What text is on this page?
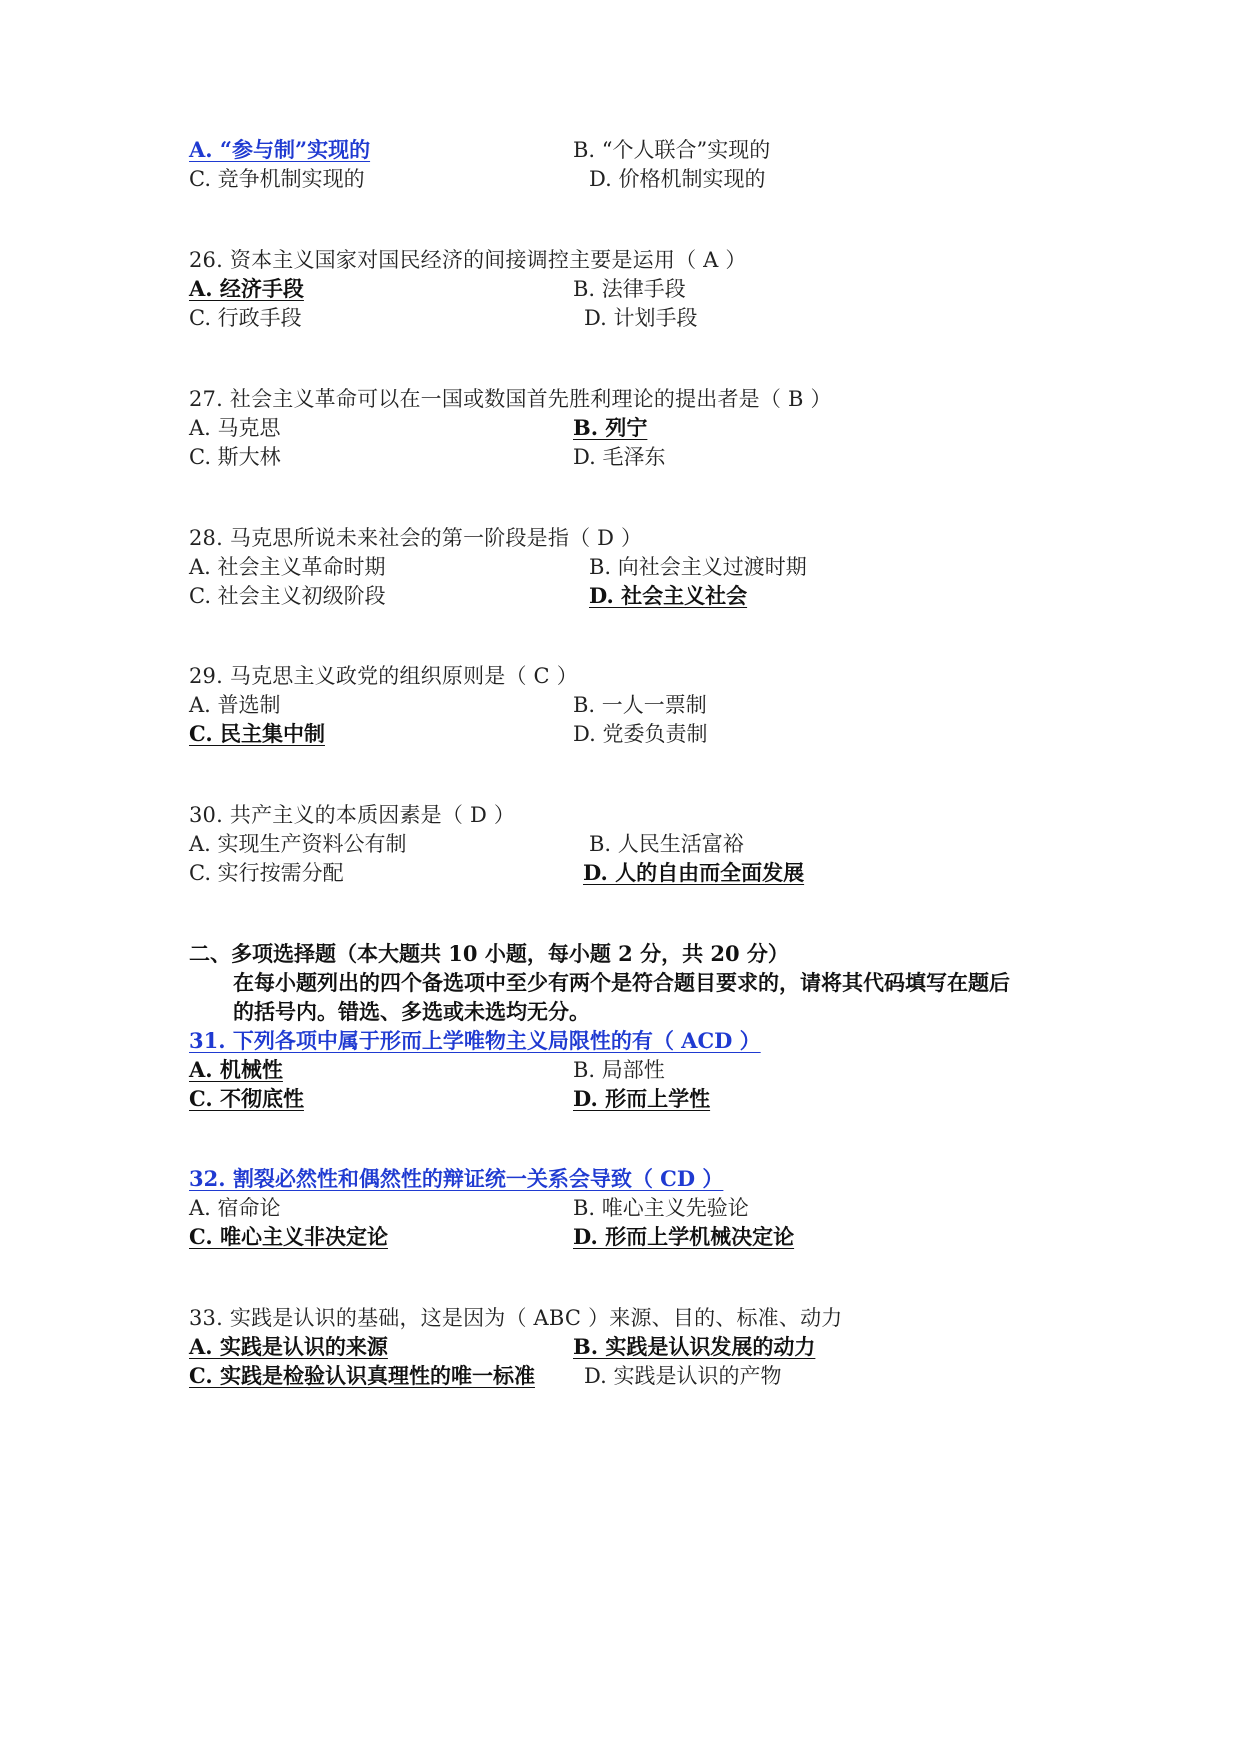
A. “参与制”实现的	B. “个人联合”实现的
C. 竞争机制实现的	D. 价格机制实现的
26. 资本主义国家对国民经济的间接调控主要是运用（ A ）
A. 经济手段	B. 法律手段
C. 行政手段	D. 计划手段
27. 社会主义革命可以在一国或数国首先胜利理论的提出者是（ B ）
A. 马克思	B. 列宁
C. 斯大林	D. 毛泽东
28. 马克思所说未来社会的第一阶段是指（ D ）
A. 社会主义革命时期	B. 向社会主义过渡时期
C. 社会主义初级阶段	D. 社会主义社会
29. 马克思主义政党的组织原则是（ C ）
A. 普选制	B. 一人一票制
C. 民主集中制	D. 党委负责制
30. 共产主义的本质因素是（ D ）
A. 实现生产资料公有制	B. 人民生活富裕
C. 实行按需分配	D. 人的自由而全面发展
二、多项选择题（本大题共 10 小题，每小题 2 分，共 20 分）
在每小题列出的四个备选项中至少有两个是符合题目要求的，请将其代码填写在题后
的括号内。错选、多选或未选均无分。
31. 下列各项中属于形而上学唯物主义局限性的有（ ACD ）
A. 机械性	B. 局部性
C. 不彻底性	D. 形而上学性
32. 割裂必然性和偶然性的辩证统一关系会导致（ CD ）
A. 宿命论	B. 唯心主义先验论
C. 唯心主义非决定论	D. 形而上学机械决定论
33. 实践是认识的基础，这是因为（ ABC ）来源、目的、标准、动力
A. 实践是认识的来源	B. 实践是认识发展的动力
C. 实践是检验认识真理性的唯一标准 D. 实践是认识的产物
